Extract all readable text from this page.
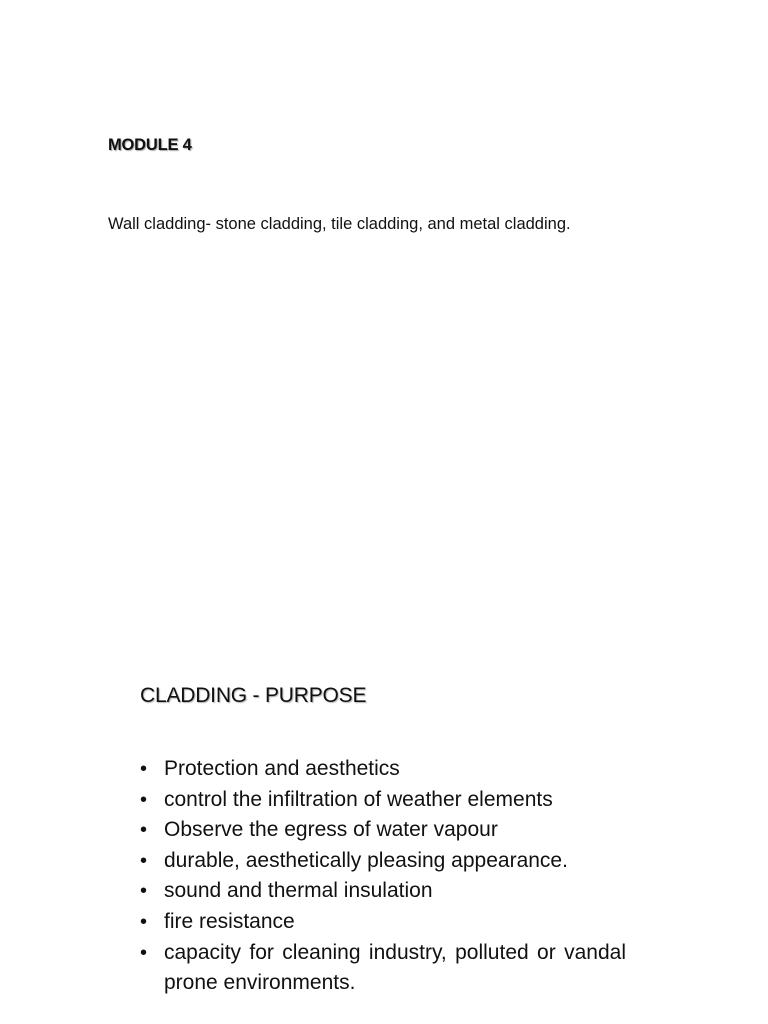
MODULE 4
Wall cladding- stone cladding, tile cladding, and metal cladding.
CLADDING - PURPOSE
• Protection and aesthetics
• control the infiltration of weather elements
• Observe the egress of water vapour
• durable, aesthetically pleasing appearance.
• sound and thermal insulation
• fire resistance
• capacity for cleaning industry, polluted or vandal prone environments.
